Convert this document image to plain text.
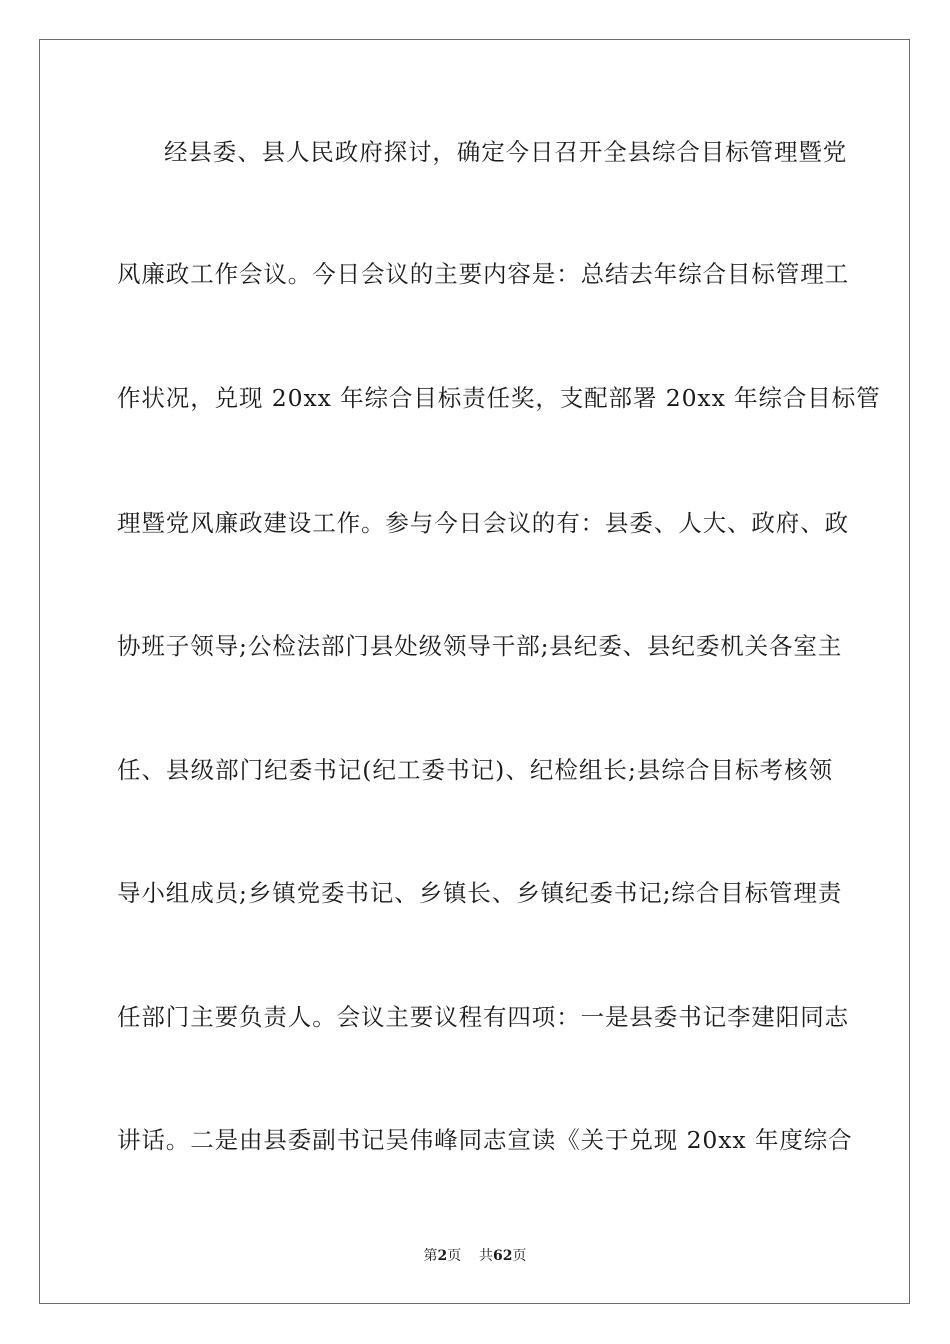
经县委、县人民政府探讨，确定今日召开全县综合目标管理暨党
风廉政工作会议。今日会议的主要内容是：总结去年综合目标管理工
作状况，兑现 20xx 年综合目标责任奖，支配部署 20xx 年综合目标管
理暨党风廉政建设工作。参与今日会议的有：县委、人大、政府、政
协班子领导;公检法部门县处级领导干部;县纪委、县纪委机关各室主
任、县级部门纪委书记(纪工委书记)、纪检组长;县综合目标考核领
导小组成员;乡镇党委书记、乡镇长、乡镇纪委书记;综合目标管理责
任部门主要负责人。会议主要议程有四项：一是县委书记李建阳同志
讲话。二是由县委副书记吴伟峰同志宣读《关于兑现 20xx 年度综合
第2页 共62页
